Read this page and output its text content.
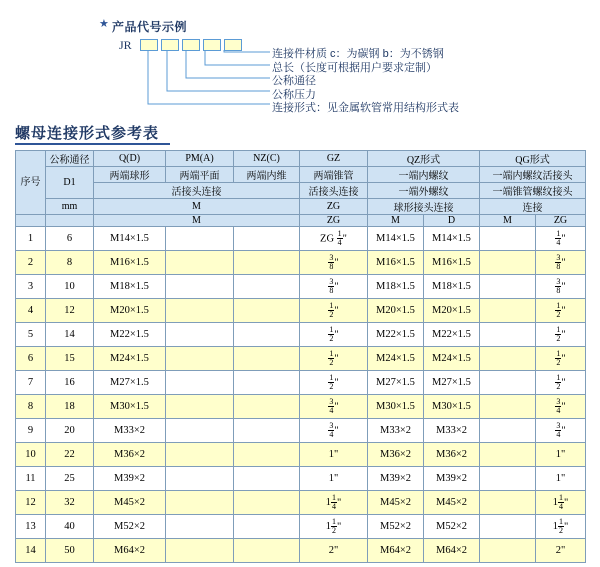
★ 产品代号示例
JR
连接件材质 c：为碳钢 b：为不锈钢
总长（长度可根据用户要求定制）
公称通径
公称压力
连接形式：见金属软管常用结构形式表
螺母连接形式参考表
序号	公称通径	Q(D)	PM(A)	NZ(C)	GZ	QZ形式		QG形式	
	D1	两端球形	两端平面	两端内维	两端锥管	一端内螺纹		一端内螺纹活接头	
		活接头连接			活接头连接	一端外螺纹		一端锥管螺纹接头	
	mm	M			ZG	球形接头连接		连接	
		M			ZG	M	D	M	ZG
1	6	M14×1.5			ZG $\frac{1}{4}$ "	M14×1.5	M14×1.5		$\frac{1}{4}$ "
2	8	M16×1.5			$\frac{3}{8}$ "	M16×1.5	M16×1.5		$\frac{3}{8}$ "
3	10	M18×1.5			$\frac{3}{8}$ "	M18×1.5	M18×1.5		$\frac{3}{8}$ "
4	12	M20×1.5			$\frac{1}{2}$ "	M20×1.5	M20×1.5		$\frac{1}{2}$ "
5	14	M22×1.5			$\frac{1}{2}$ "	M22×1.5	M22×1.5		$\frac{1}{2}$ "
6	15	M24×1.5			$\frac{1}{2}$ "	M24×1.5	M24×1.5		$\frac{1}{2}$ "
7	16	M27×1.5			$\frac{1}{2}$ "	M27×1.5	M27×1.5		$\frac{1}{2}$ "
8	18	M30×1.5			$\frac{3}{4}$ "	M30×1.5	M30×1.5		$\frac{3}{4}$ "
9	20	M33×2			$\frac{3}{4}$ "	M33×2	M33×2		$\frac{3}{4}$ "
10	22	M36×2			1"	M36×2	M36×2		1"
11	25	M39×2			1"	M39×2	M39×2		1"
12	32	M45×2			$1 \frac{1}{4}$ "	M45×2	M45×2		$1 \frac{1}{4}$ "
13	40	M52×2			$1 \frac{1}{2}$ "	M52×2	M52×2		$1 \frac{1}{2}$ "
14	50	M64×2			2"	M64×2	M64×2		2"
